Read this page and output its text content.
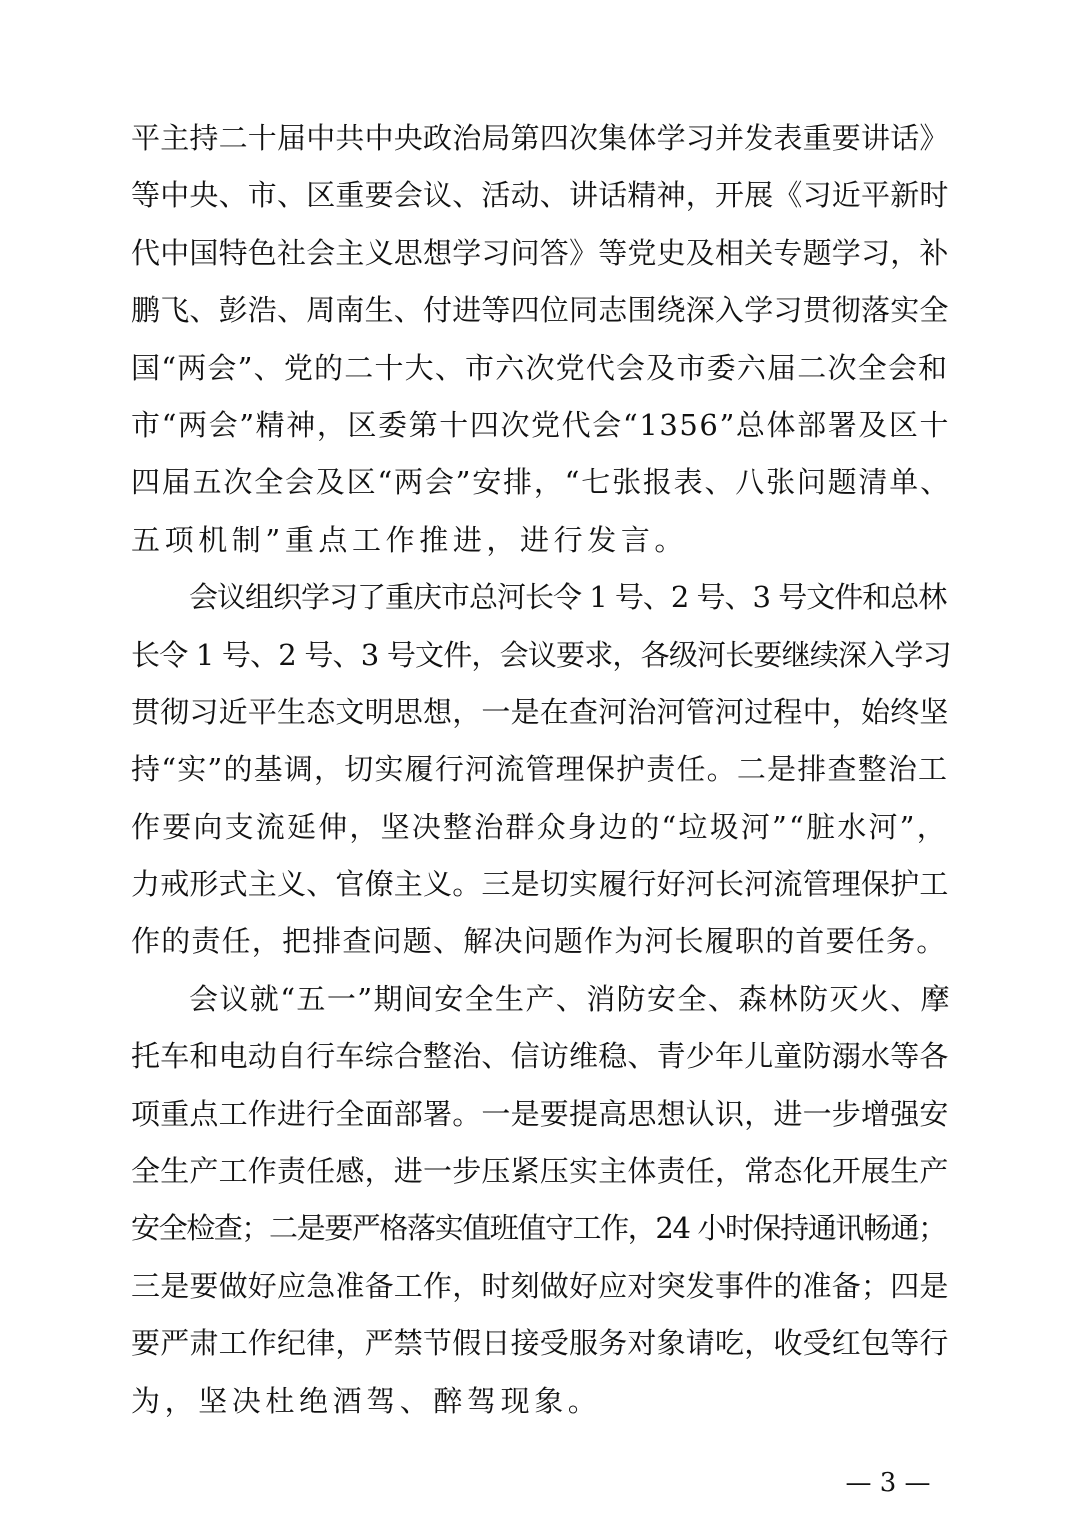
平主持二十届中共中央政治局第四次集体学习并发表重要讲话》
等中央、市、区重要会议、活动、讲话精神，开展《习近平新时
代中国特色社会主义思想学习问答》等党史及相关专题学习，补
鹏飞、彭浩、周南生、付进等四位同志围绕深入学习贯彻落实全
国“两会”、党的二十大、市六次党代会及市委六届二次全会和
市“两会”精神，区委第十四次党代会“1356”总体部署及区十
四届五次全会及区“两会”安排，“七张报表、八张问题清单、
五项机制”重点工作推进，进行发言。
会议组织学习了重庆市总河长令 1 号、2 号、3 号文件和总林
长令 1 号、2 号、3 号文件，会议要求，各级河长要继续深入学习
贯彻习近平生态文明思想，一是在查河治河管河过程中，始终坚
持“实”的基调，切实履行河流管理保护责任。二是排查整治工
作要向支流延伸，坚决整治群众身边的“垃圾河”“脏水河”，
力戒形式主义、官僚主义。三是切实履行好河长河流管理保护工
作的责任，把排查问题、解决问题作为河长履职的首要任务。
会议就“五一”期间安全生产、消防安全、森林防灭火、摩
托车和电动自行车综合整治、信访维稳、青少年儿童防溺水等各
项重点工作进行全面部署。一是要提高思想认识，进一步增强安
全生产工作责任感，进一步压紧压实主体责任，常态化开展生产
安全检查；二是要严格落实值班值守工作，24 小时保持通讯畅通；
三是要做好应急准备工作，时刻做好应对突发事件的准备；四是
要严肃工作纪律，严禁节假日接受服务对象请吃，收受红包等行
为，坚决杜绝酒驾、醉驾现象。
— 3 —
